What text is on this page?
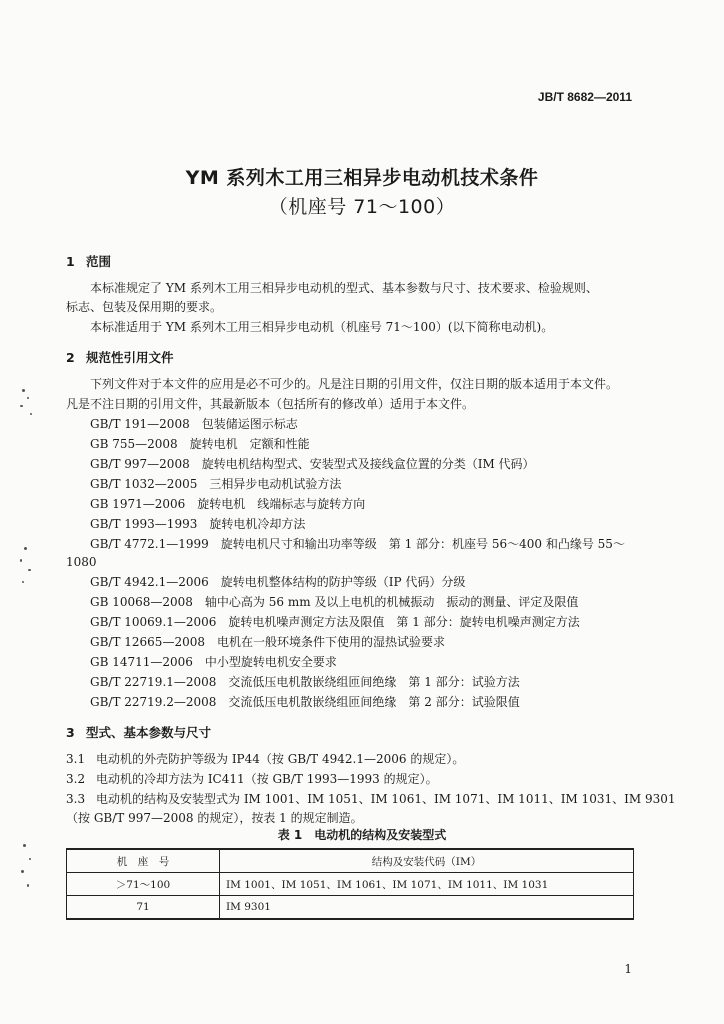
JB/T 8682—2011
YM 系列木工用三相异步电动机技术条件
（机座号 71～100）
1 范围
本标准规定了 YM 系列木工用三相异步电动机的型式、基本参数与尺寸、技术要求、检验规则、
标志、包装及保用期的要求。
本标准适用于 YM 系列木工用三相异步电动机（机座号 71～100）(以下简称电动机)。
2 规范性引用文件
下列文件对于本文件的应用是必不可少的。凡是注日期的引用文件，仅注日期的版本适用于本文件。
凡是不注日期的引用文件，其最新版本（包括所有的修改单）适用于本文件。
GB/T 191—2008　包装储运图示标志
GB 755—2008　旋转电机　定额和性能
GB/T 997—2008　旋转电机结构型式、安装型式及接线盒位置的分类（IM 代码）
GB/T 1032—2005　三相异步电动机试验方法
GB 1971—2006　旋转电机　线端标志与旋转方向
GB/T 1993—1993　旋转电机冷却方法
GB/T 4772.1—1999　旋转电机尺寸和输出功率等级　第 1 部分：机座号 56～400 和凸缘号 55～
1080
GB/T 4942.1—2006　旋转电机整体结构的防护等级（IP 代码）分级
GB 10068—2008　轴中心高为 56 mm 及以上电机的机械振动　振动的测量、评定及限值
GB/T 10069.1—2006　旋转电机噪声测定方法及限值　第 1 部分：旋转电机噪声测定方法
GB/T 12665—2008　电机在一般环境条件下使用的湿热试验要求
GB 14711—2006　中小型旋转电机安全要求
GB/T 22719.1—2008　交流低压电机散嵌绕组匝间绝缘　第 1 部分：试验方法
GB/T 22719.2—2008　交流低压电机散嵌绕组匝间绝缘　第 2 部分：试验限值
3 型式、基本参数与尺寸
3.1 电动机的外壳防护等级为 IP44（按 GB/T 4942.1—2006 的规定）。
3.2 电动机的冷却方法为 IC411（按 GB/T 1993—1993 的规定）。
3.3 电动机的结构及安装型式为 IM 1001、IM 1051、IM 1061、IM 1071、IM 1011、IM 1031、IM 9301
（按 GB/T 997—2008 的规定），按表 1 的规定制造。
表 1　电动机的结构及安装型式
机　座　号	结构及安装代码（IM）
＞71～100	IM 1001、IM 1051、IM 1061、IM 1071、IM 1011、IM 1031
71	IM 9301
1
